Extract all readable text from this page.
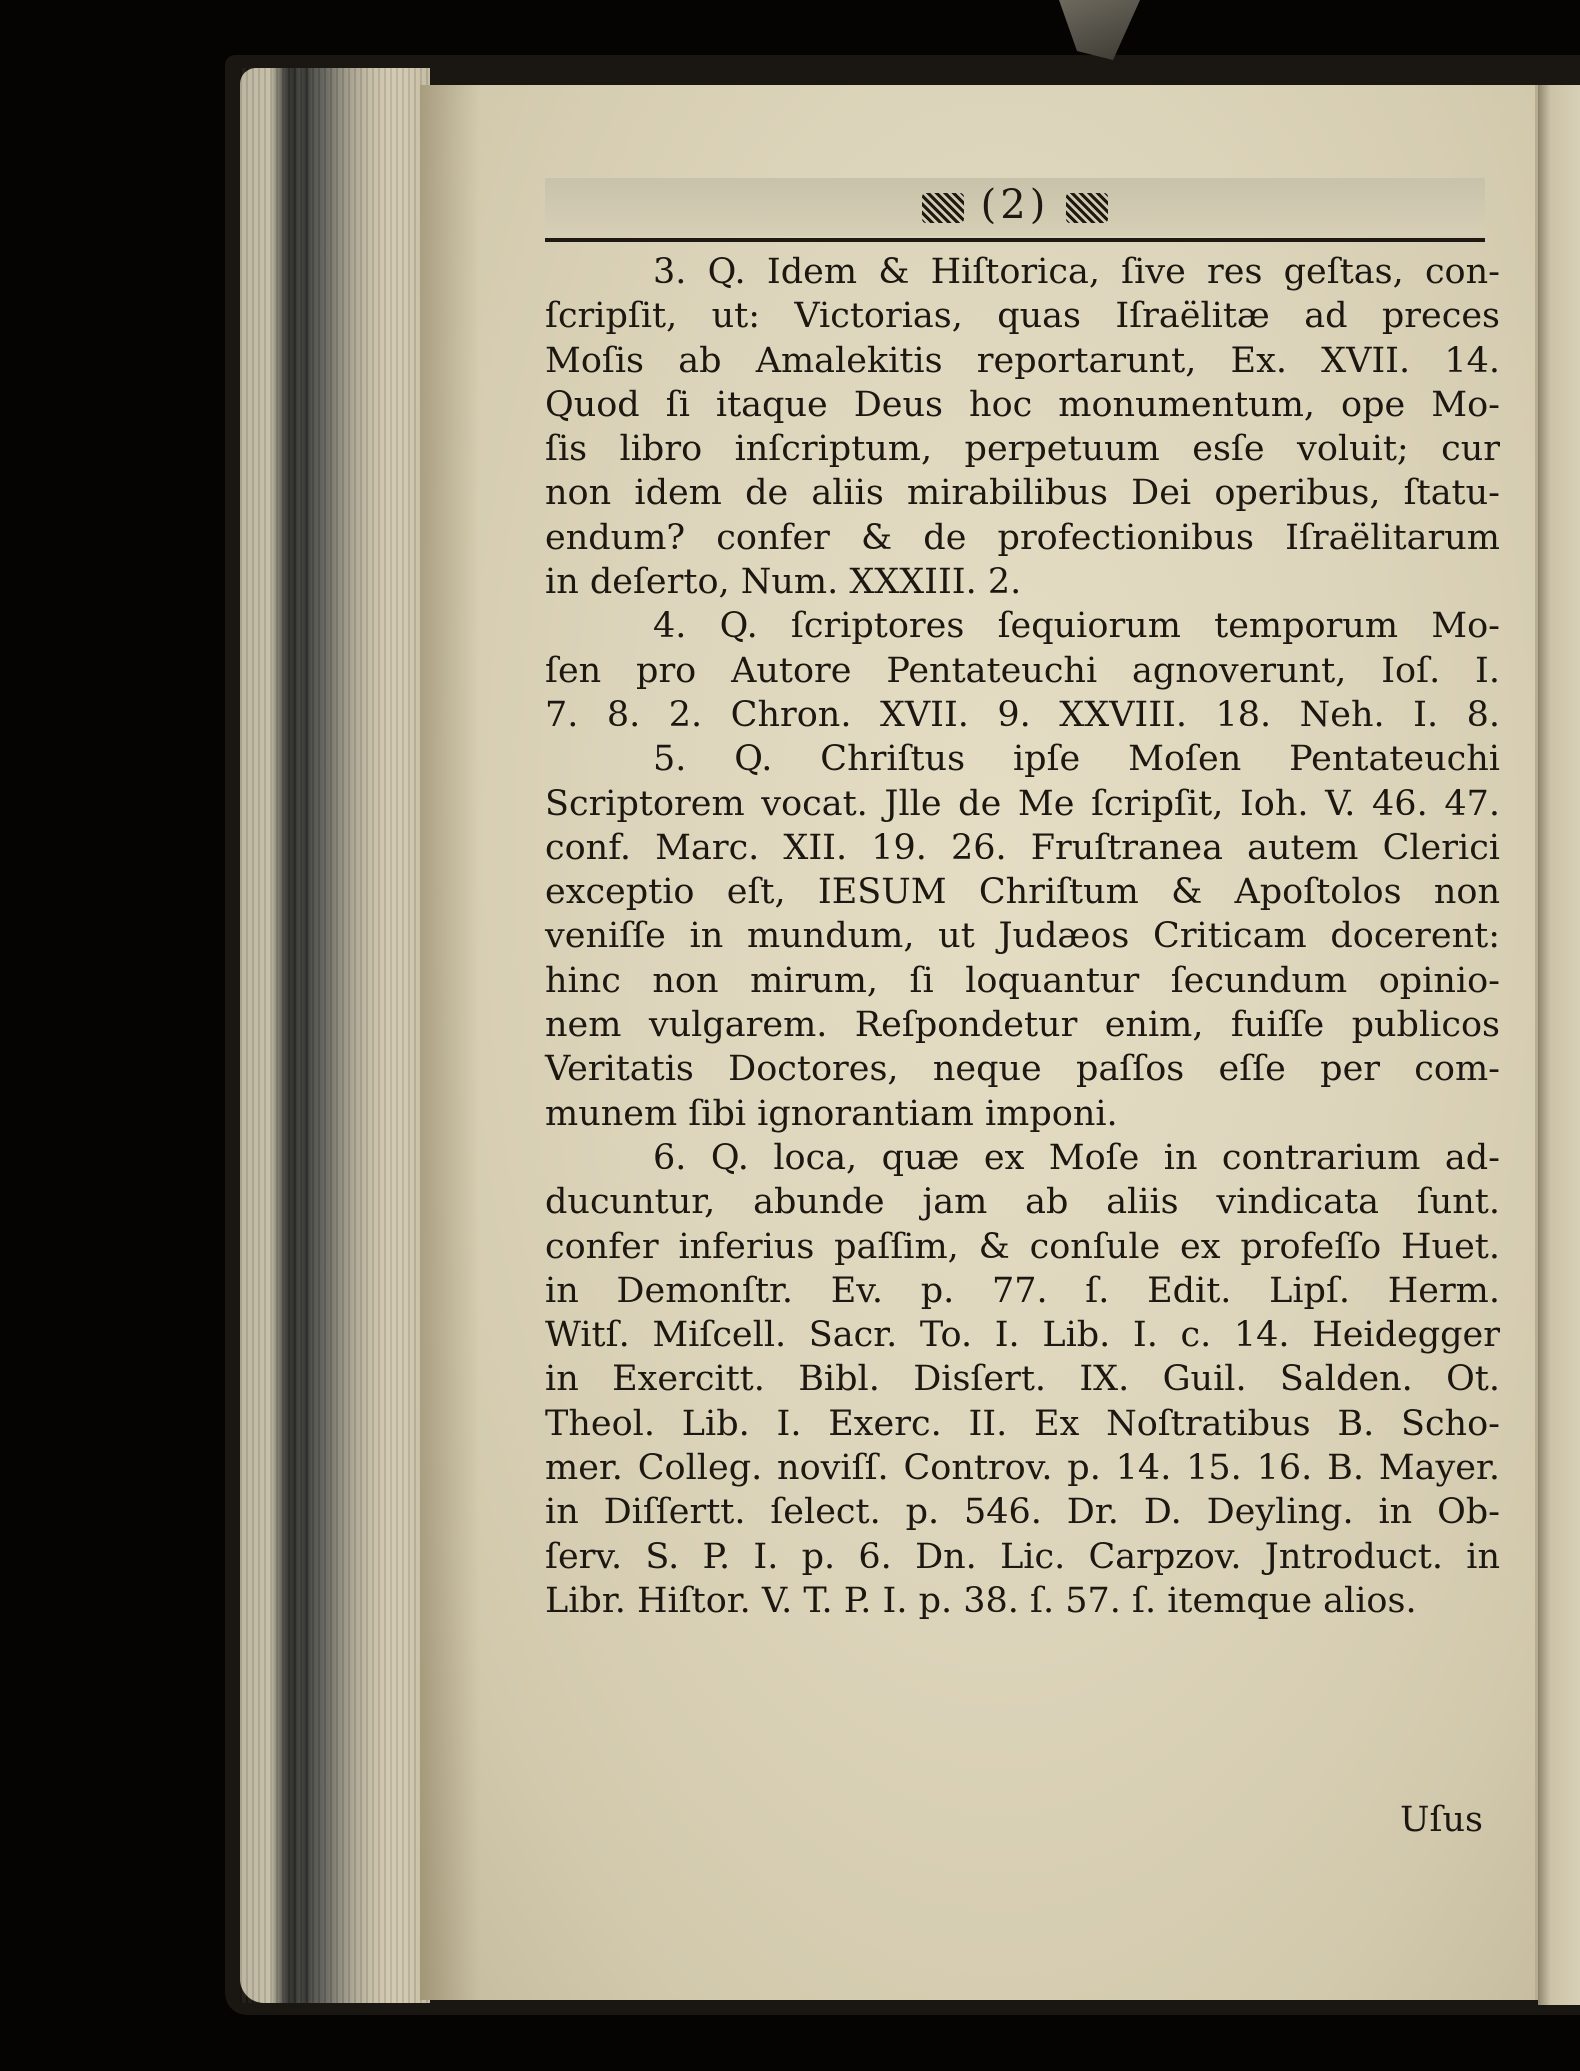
(2)
3. Q. Idem & Hiſtorica, ſive res geſtas, con-
ſcripſit, ut: Victorias, quas Iſraëlitæ ad preces
Moſis ab Amalekitis reportarunt, Ex. XVII. 14.
Quod ſi itaque Deus hoc monumentum, ope Mo-
ſis libro inſcriptum, perpetuum esſe voluit; cur
non idem de aliis mirabilibus Dei operibus, ſtatu-
endum? confer & de profectionibus Iſraëlitarum
in deſerto, Num. XXXIII. 2.
4. Q. ſcriptores ſequiorum temporum Mo-
ſen pro Autore Pentateuchi agnoverunt, Ioſ. I.
7. 8. 2. Chron. XVII. 9. XXVIII. 18. Neh. I. 8.
5. Q. Chriſtus ipſe Moſen Pentateuchi
Scriptorem vocat. Jlle de Me ſcripſit, Ioh. V. 46. 47.
conf. Marc. XII. 19. 26. Fruſtranea autem Clerici
exceptio eſt, IESUM Chriſtum & Apoſtolos non
veniſſe in mundum, ut Judæos Criticam docerent:
hinc non mirum, ſi loquantur ſecundum opinio-
nem vulgarem. Reſpondetur enim, fuiſſe publicos
Veritatis Doctores, neque paſſos eſſe per com-
munem ſibi ignorantiam imponi.
6. Q. loca, quæ ex Moſe in contrarium ad-
ducuntur, abunde jam ab aliis vindicata ſunt.
confer inferius paſſim, & conſule ex profeſſo Huet.
in Demonſtr. Ev. p. 77. ſ. Edit. Lipſ. Herm.
Witſ. Miſcell. Sacr. To. I. Lib. I. c. 14. Heidegger
in Exercitt. Bibl. Disſert. IX. Guil. Salden. Ot.
Theol. Lib. I. Exerc. II. Ex Noſtratibus B. Scho-
mer. Colleg. noviſſ. Controv. p. 14. 15. 16. B. Mayer.
in Diſſertt. ſelect. p. 546. Dr. D. Deyling. in Ob-
ſerv. S. P. I. p. 6. Dn. Lic. Carpzov. Jntroduct. in
Libr. Hiſtor. V. T. P. I. p. 38. ſ. 57. ſ. itemque alios.
Uſus
